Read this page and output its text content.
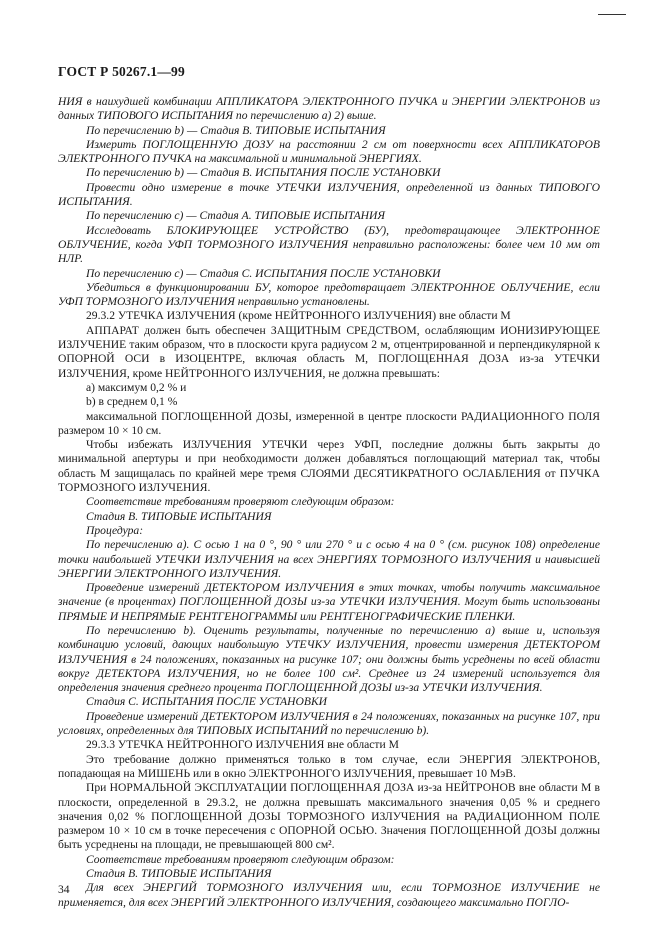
ГОСТ Р 50267.1—99

НИЯ в наихудшей комбинации АППЛИКАТОРА ЭЛЕКТРОННОГО ПУЧКА и ЭНЕРГИИ ЭЛЕКТРОНОВ из данных ТИПОВОГО ИСПЫТАНИЯ по перечислению а) 2) выше.

По перечислению b) — Стадия В. ТИПОВЫЕ ИСПЫТАНИЯ

Измерить ПОГЛОЩЕННУЮ ДОЗУ на расстоянии 2 см от поверхности всех АППЛИКАТОРОВ ЭЛЕКТРОННОГО ПУЧКА на максимальной и минимальной ЭНЕРГИЯХ.

По перечислению b) — Стадия В. ИСПЫТАНИЯ ПОСЛЕ УСТАНОВКИ

Провести одно измерение в точке УТЕЧКИ ИЗЛУЧЕНИЯ, определенной из данных ТИПОВОГО ИСПЫТАНИЯ.

По перечислению с) — Стадия А. ТИПОВЫЕ ИСПЫТАНИЯ

Исследовать БЛОКИРУЮЩЕЕ УСТРОЙСТВО (БУ), предотвращающее ЭЛЕКТРОННОЕ ОБЛУЧЕНИЕ, когда УФП ТОРМОЗНОГО ИЗЛУЧЕНИЯ неправильно расположены: более чем 10 мм от НЛР.

По перечислению с) — Стадия С. ИСПЫТАНИЯ ПОСЛЕ УСТАНОВКИ

Убедиться в функционировании БУ, которое предотвращает ЭЛЕКТРОННОЕ ОБЛУЧЕНИЕ, если УФП ТОРМОЗНОГО ИЗЛУЧЕНИЯ неправильно установлены.

29.3.2 УТЕЧКА ИЗЛУЧЕНИЯ (кроме НЕЙТРОННОГО ИЗЛУЧЕНИЯ) вне области М

АППАРАТ должен быть обеспечен ЗАЩИТНЫМ СРЕДСТВОМ, ослабляющим ИОНИЗИРУЮЩЕЕ ИЗЛУЧЕНИЕ таким образом, что в плоскости круга радиусом 2 м, отцентрированной и перпендикулярной к ОПОРНОЙ ОСИ в ИЗОЦЕНТРЕ, включая область М, ПОГЛОЩЕННАЯ ДОЗА из-за УТЕЧКИ ИЗЛУЧЕНИЯ, кроме НЕЙТРОННОГО ИЗЛУЧЕНИЯ, не должна превышать:

а) максимум 0,2 % и

b) в среднем 0,1 %

максимальной ПОГЛОЩЕННОЙ ДОЗЫ, измеренной в центре плоскости РАДИАЦИОННОГО ПОЛЯ размером 10 × 10 см.

Чтобы избежать ИЗЛУЧЕНИЯ УТЕЧКИ через УФП, последние должны быть закрыты до минимальной апертуры и при необходимости должен добавляться поглощающий материал так, чтобы область М защищалась по крайней мере тремя СЛОЯМИ ДЕСЯТИКРАТНОГО ОСЛАБЛЕНИЯ от ПУЧКА ТОРМОЗНОГО ИЗЛУЧЕНИЯ.

Соответствие требованиям проверяют следующим образом:

Стадия В. ТИПОВЫЕ ИСПЫТАНИЯ

Процедура:

По перечислению а). С осью 1 на 0 °, 90 ° или 270 ° и с осью 4 на 0 ° (см. рисунок 108) определение точки наибольшей УТЕЧКИ ИЗЛУЧЕНИЯ на всех ЭНЕРГИЯХ ТОРМОЗНОГО ИЗЛУЧЕНИЯ и наивысшей ЭНЕРГИИ ЭЛЕКТРОННОГО ИЗЛУЧЕНИЯ.

Проведение измерений ДЕТЕКТОРОМ ИЗЛУЧЕНИЯ в этих точках, чтобы получить максимальное значение (в процентах) ПОГЛОЩЕННОЙ ДОЗЫ из-за УТЕЧКИ ИЗЛУЧЕНИЯ. Могут быть использованы ПРЯМЫЕ И НЕПРЯМЫЕ РЕНТГЕНОГРАММЫ или РЕНТГЕНОГРАФИЧЕСКИЕ ПЛЕНКИ.

По перечислению b). Оценить результаты, полученные по перечислению а) выше и, используя комбинацию условий, дающих наибольшую УТЕЧКУ ИЗЛУЧЕНИЯ, провести измерения ДЕТЕКТОРОМ ИЗЛУЧЕНИЯ в 24 положениях, показанных на рисунке 107; они должны быть усреднены по всей области вокруг ДЕТЕКТОРА ИЗЛУЧЕНИЯ, но не более 100 см². Среднее из 24 измерений используется для определения значения среднего процента ПОГЛОЩЕННОЙ ДОЗЫ из-за УТЕЧКИ ИЗЛУЧЕНИЯ.

Стадия С. ИСПЫТАНИЯ ПОСЛЕ УСТАНОВКИ

Проведение измерений ДЕТЕКТОРОМ ИЗЛУЧЕНИЯ в 24 положениях, показанных на рисунке 107, при условиях, определенных для ТИПОВЫХ ИСПЫТАНИЙ по перечислению b).

29.3.3 УТЕЧКА НЕЙТРОННОГО ИЗЛУЧЕНИЯ вне области М

Это требование должно применяться только в том случае, если ЭНЕРГИЯ ЭЛЕКТРОНОВ, попадающая на МИШЕНЬ или в окно ЭЛЕКТРОННОГО ИЗЛУЧЕНИЯ, превышает 10 МэВ.

При НОРМАЛЬНОЙ ЭКСПЛУАТАЦИИ ПОГЛОЩЕННАЯ ДОЗА из-за НЕЙТРОНОВ вне области М в плоскости, определенной в 29.3.2, не должна превышать максимального значения 0,05 % и среднего значения 0,02 % ПОГЛОЩЕННОЙ ДОЗЫ ТОРМОЗНОГО ИЗЛУЧЕНИЯ на РАДИАЦИОННОМ ПОЛЕ размером 10 × 10 см в точке пересечения с ОПОРНОЙ ОСЬЮ. Значения ПОГЛОЩЕННОЙ ДОЗЫ должны быть усреднены на площади, не превышающей 800 см².

Соответствие требованиям проверяют следующим образом:

Стадия В. ТИПОВЫЕ ИСПЫТАНИЯ

Для всех ЭНЕРГИЙ ТОРМОЗНОГО ИЗЛУЧЕНИЯ или, если ТОРМОЗНОЕ ИЗЛУЧЕНИЕ не применяется, для всех ЭНЕРГИЙ ЭЛЕКТРОННОГО ИЗЛУЧЕНИЯ, создающего максимально ПОГЛО-

34
